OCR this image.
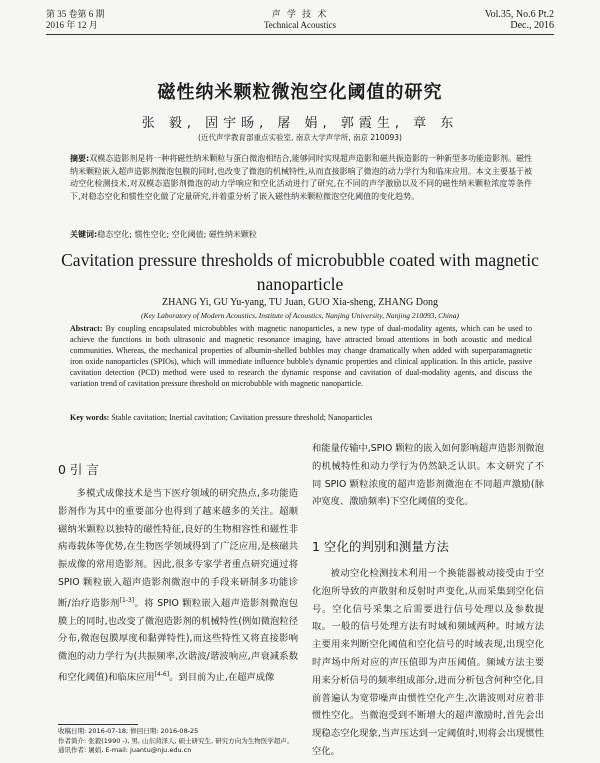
第 35 卷第 6 期
2016 年 12 月
声 学 技 术
Technical Acoustics
Vol.35, No.6 Pt.2
Dec., 2016
磁性纳米颗粒微泡空化阈值的研究
张 毅, 固宇旸, 屠 娟, 郭霞生, 章 东
(近代声学教育部重点实验室, 南京大学声学所, 南京 210093)
摘要:双模态造影剂是将一种将磁性纳米颗粒与蛋白微泡相结合,能够同时实现超声造影和磁共振造影的一种新型多功能造影剂。磁性纳米颗粒嵌入超声造影剂微泡包膜的同时,也改变了微泡的机械特性,从而直接影响了微泡的动力学行为和临床应用。本文主要基于被动空化检测技术,对双模态造影剂微泡的动力学响应和空化活动进行了研究,在不同的声学激励以及不同的磁性纳米颗粒浓度等条件下,对稳态空化和惯性空化做了定量研究,并着重分析了嵌入磁性纳米颗粒微泡空化阈值的变化趋势。
关键词:稳态空化; 惯性空化; 空化阈值; 磁性纳米颗粒
Cavitation pressure thresholds of microbubble coated with magnetic nanoparticle
ZHANG Yi, GU Yu-yang, TU Juan, GUO Xia-sheng, ZHANG Dong
(Key Laboratory of Modern Acoustics, Institute of Acoustics, Nanjing University, Nanjing 210093, China)
Abstract: By coupling encapsulated microbubbles with magnetic nanoparticles, a new type of dual-modality agents, which can be used to achieve the functions in both ultrasonic and magnetic resonance imaging, have attracted broad attentions in both acoustic and medical communities. Whereas, the mechanical properties of albumin-shelled bubbles may change dramatically when added with superparamagnetic iron oxide nanoparticles (SPIOs), which will immediate influence bubble's dynamic properties and clinical application. In this article, passive cavitation detection (PCD) method were used to research the dynamic response and cavitation of dual-modality agents, and discuss the variation trend of cavitation pressure threshold on microbubble with magnetic nanoparticle.
Key words: Stable cavitation; Inertial cavitation; Cavitation pressure threshold; Nanoparticles
0 引 言
多模式成像技术是当下医疗领域的研究热点,多功能造影剂作为其中的重要部分也得到了越来越多的关注。超顺磁纳米颗粒以独特的磁性特征,良好的生物相容性和磁性非病毒载体等优势,在生物医学领域得到了广泛应用,是核磁共振成像的常用造影剂。因此,很多专家学者重点研究通过将 SPIO 颗粒嵌入超声造影剂微泡中的手段来研制多功能诊断/治疗造影剂[1-3]。将 SPIO 颗粒嵌入超声造影剂微泡包膜上的同时,也改变了微泡造影剂的机械特性(例如微泡粒径分布,微泡包膜厚度和黏弹特性),而这些特性又将直接影响微泡的动力学行为(共振频率,次谐波/谐波响应,声衰减系数和空化阈值)和临床应用[4-6]。到目前为止,在超声成像
收稿日期: 2016-07-18; 修回日期: 2016-08-25
作者简介: 张毅(1990 -), 男, 山东菏泽人, 硕士研究生, 研究方向为生物医学超声。
通讯作者: 屠娟, E-mail: juantu@nju.edu.cn
和能量传输中,SPIO 颗粒的嵌入如何影响超声造影剂微泡的机械特性和动力学行为仍然缺乏认识。本文研究了不同 SPIO 颗粒浓度的超声造影剂微泡在不同超声激励(脉冲宽度、激励频率)下空化阈值的变化。
1 空化的判别和测量方法
被动空化检测技术利用一个换能器被动接受由于空化泡所导致的声散射和反射时声变化,从而采集到空化信号。空化信号采集之后需要进行信号处理以及参数提取。一般的信号处理方法有时域和频域两种。时域方法主要用来判断空化阈值和空化信号的时域表现,出现空化时声场中所对应的声压值即为声压阈值。频域方法主要用来分析信号的频率组成部分,进而分析包含何种空化,目前普遍认为宽带噪声由惯性空化产生,次谐波则对应着非惯性空化。当微泡受到不断增大的超声激励时,首先会出现稳态空化现象,当声压达到一定阈值时,则将会出现惯性空化。
